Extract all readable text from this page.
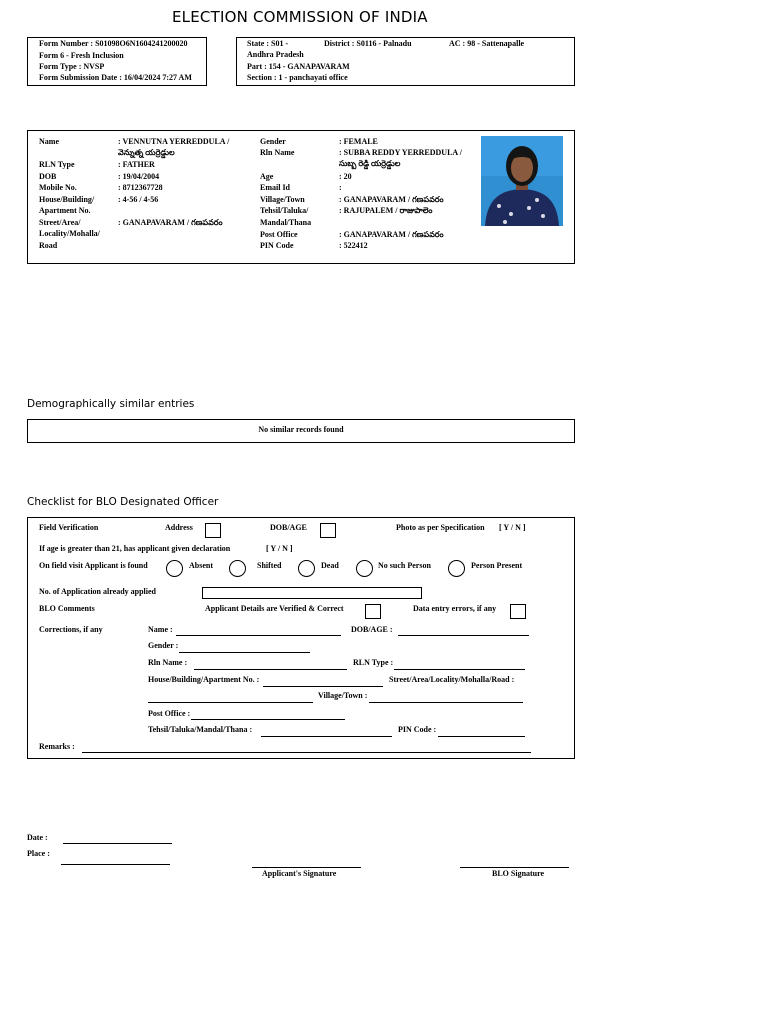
ELECTION COMMISSION OF INDIA
Form Number : S01098O6N1604241200020
Form 6 - Fresh Inclusion
Form Type : NVSP
Form Submission Date : 16/04/2024 7:27 AM
State : S01 -	District : S0116 - Palnadu	AC : 98 - Sattenapalle
Andhra Pradesh
Part : 154 - GANAPAVARAM
Section : 1 - panchayati office
Name	: VENNUTNA YERREDDULA /
వెన్నుత్న యర్రెడ్డుల
RLN Type	: FATHER
DOB	: 19/04/2004
Mobile No.	: 8712367728
House/Building/	: 4-56 / 4-56
Apartment No.
Street/Area/	: GANAPAVARAM / గణపవరం
Locality/Mohalla/
Road
Gender	: FEMALE
Rln Name	: SUBBA REDDY YERREDDULA /
సుబ్బ రెడ్డి యర్రెడ్డుల
Age	: 20
Email Id	:
Village/Town	: GANAPAVARAM / గణపవరం
Tehsil/Taluka/	: RAJUPALEM / రాజుపాలెం
Mandal/Thana
Post Office	: GANAPAVARAM / గణపవరం
PIN Code	: 522412
Demographically similar entries
No similar records found
Checklist for BLO Designated Officer
Field Verification	Address	DOB/AGE	Photo as per Specification [ Y / N ]
If age is greater than 21, has applicant given declaration	[ Y / N ]
On field visit Applicant is found	Absent	Shifted	Dead	No such Person	Person Present
No. of Application already applied
BLO Comments	Applicant Details are Verified & Correct	Data entry errors, if any
Corrections, if any	Name :	DOB/AGE :
Gender :
Rln Name :	RLN Type :
House/Building/Apartment No. :	Street/Area/Locality/Mohalla/Road :
Village/Town :
Post Office :
Tehsil/Taluka/Mandal/Thana :	PIN Code :
Remarks :
Date :
Place :
Applicant's Signature	BLO Signature
